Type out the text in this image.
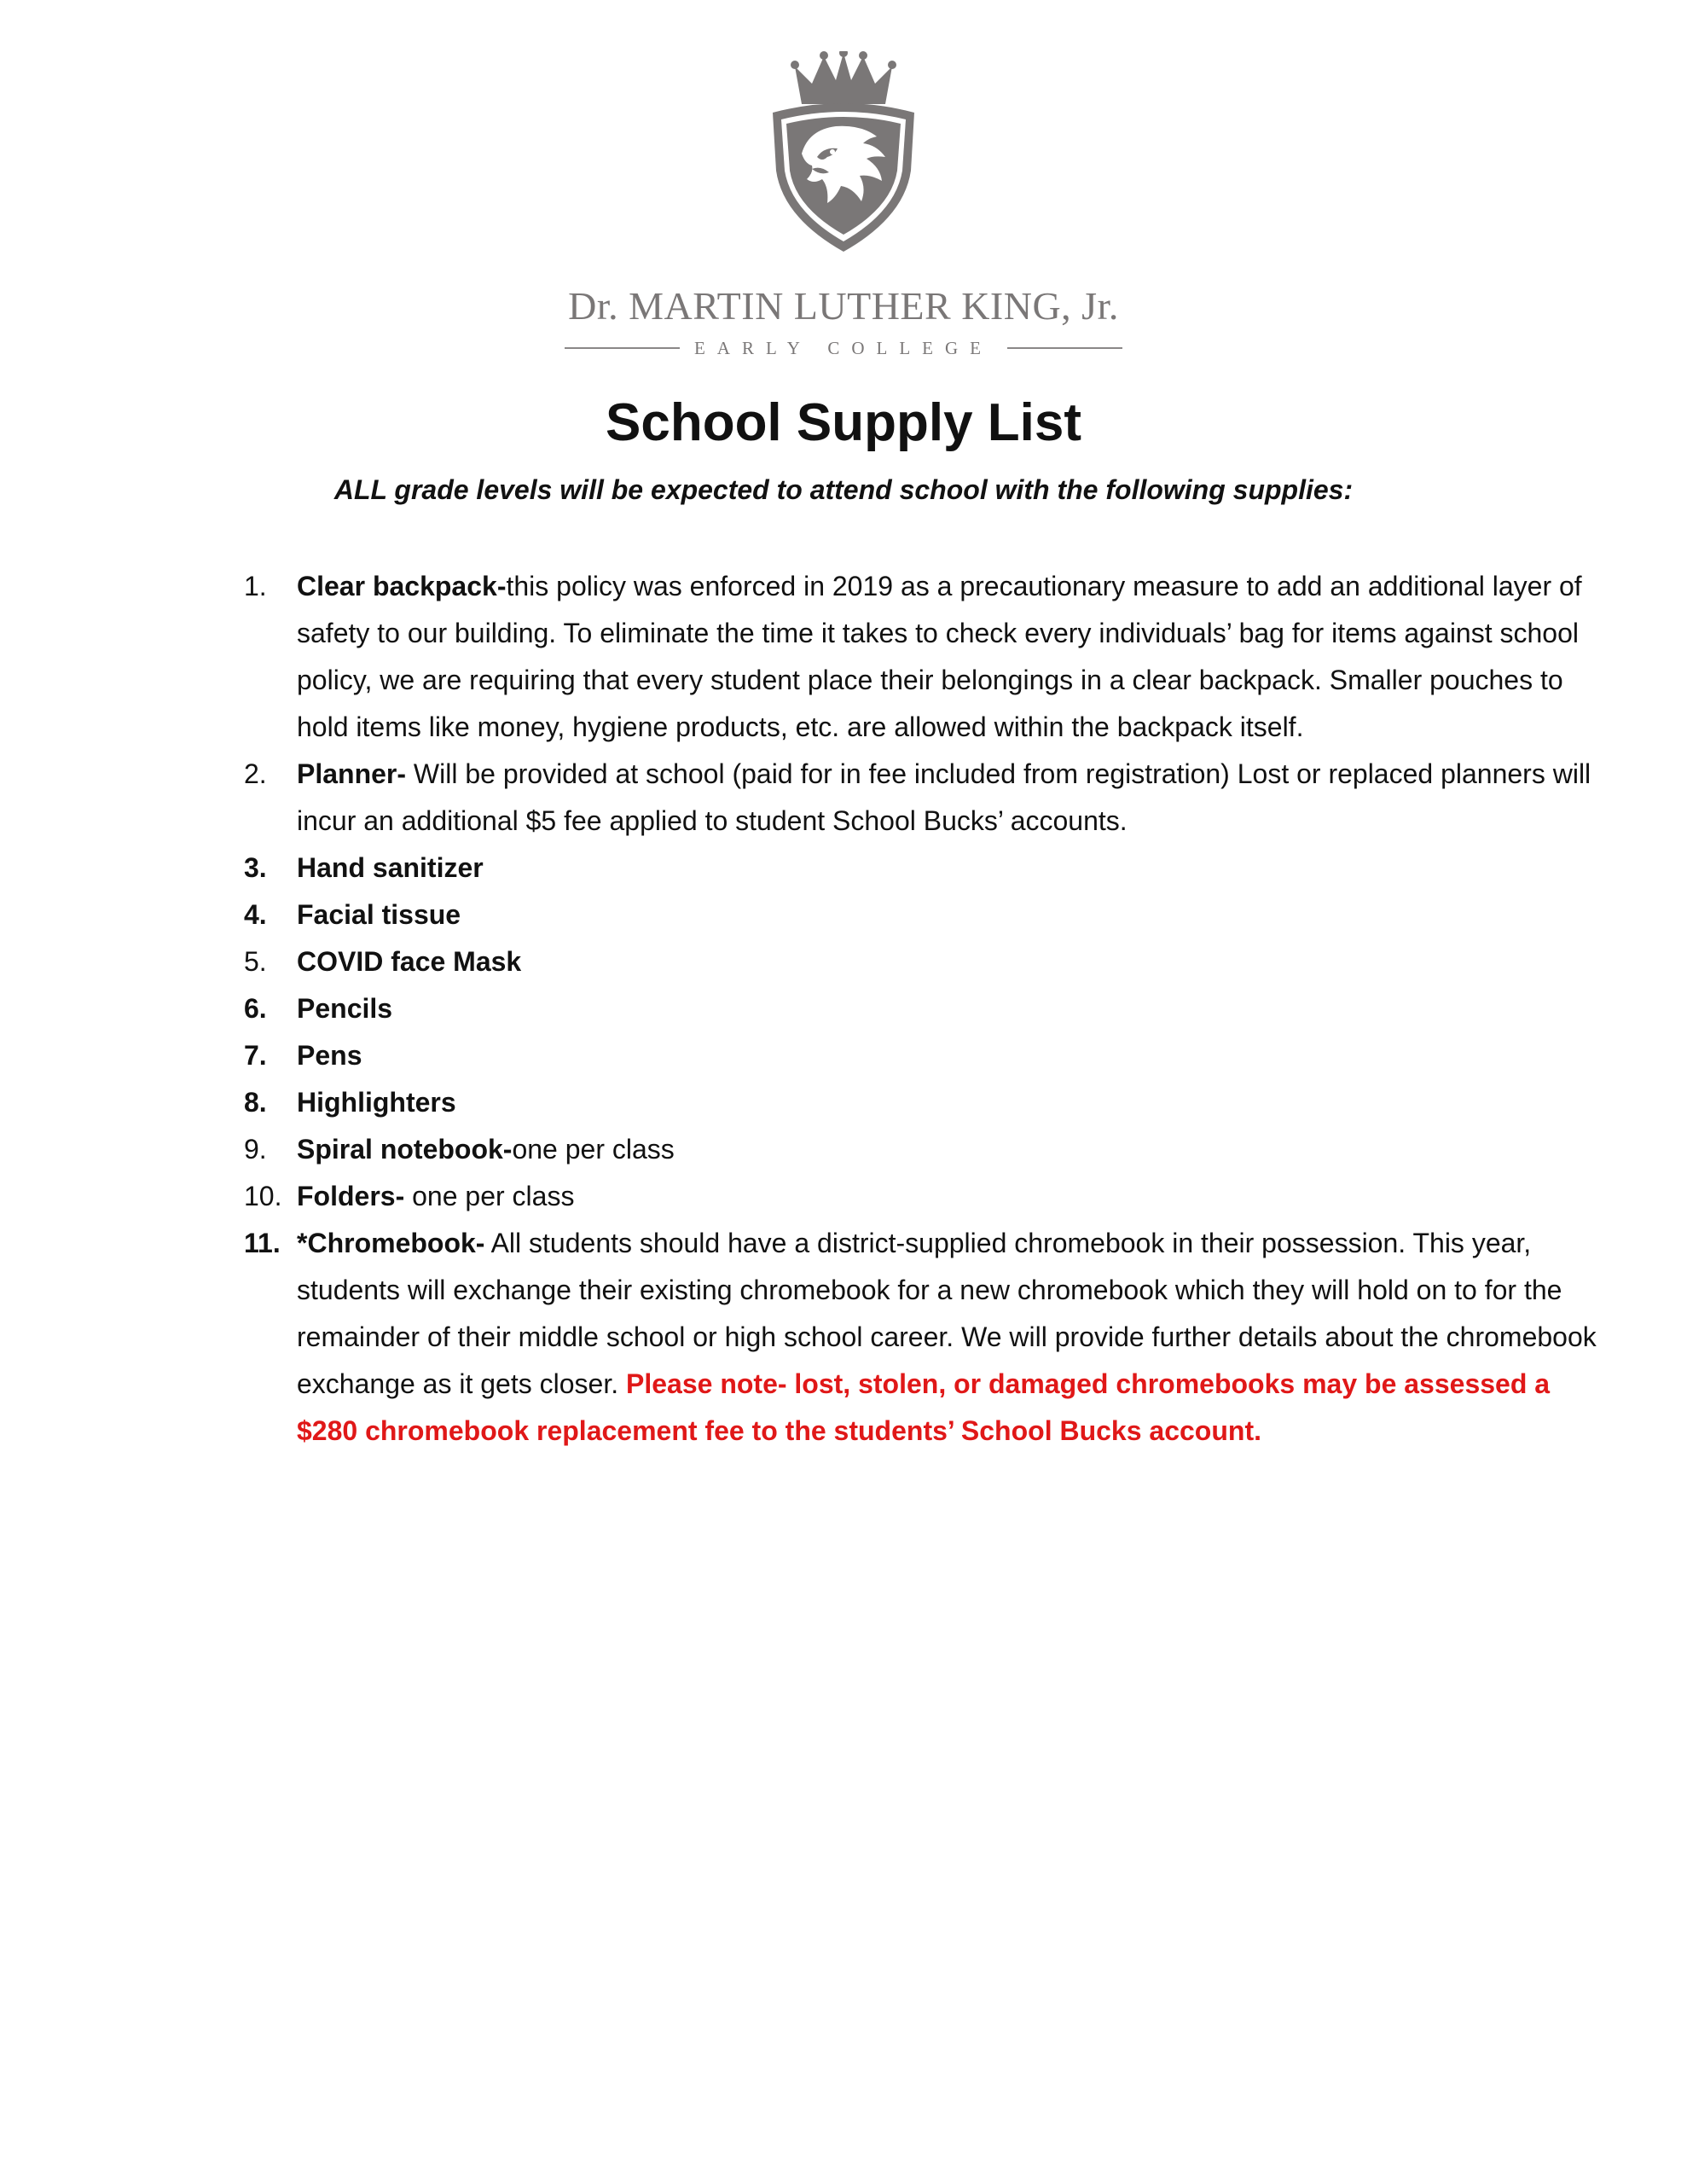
Dr. MARTIN LUTHER KING, Jr.
EARLY COLLEGE
School Supply List
ALL grade levels will be expected to attend school with the following supplies:
1.	Clear backpack-this policy was enforced in 2019 as a precautionary measure to add an additional layer of safety to our building. To eliminate the time it takes to check every individuals’ bag for items against school policy, we are requiring that every student place their belongings in a clear backpack. Smaller pouches to hold items like money, hygiene products, etc. are allowed within the backpack itself.
2.	Planner- Will be provided at school (paid for in fee included from registration) Lost or replaced planners will incur an additional $5 fee applied to student School Bucks’ accounts.
3.	Hand sanitizer
4.	Facial tissue
5.	COVID face Mask
6.	Pencils
7.	Pens
8.	Highlighters
9.	Spiral notebook-one per class
10. Folders- one per class
11. *Chromebook- All students should have a district-supplied chromebook in their possession. This year, students will exchange their existing chromebook for a new chromebook which they will hold on to for the remainder of their middle school or high school career. We will provide further details about the chromebook exchange as it gets closer. Please note- lost, stolen, or damaged chromebooks may be assessed a $280 chromebook replacement fee to the students’ School Bucks account.
